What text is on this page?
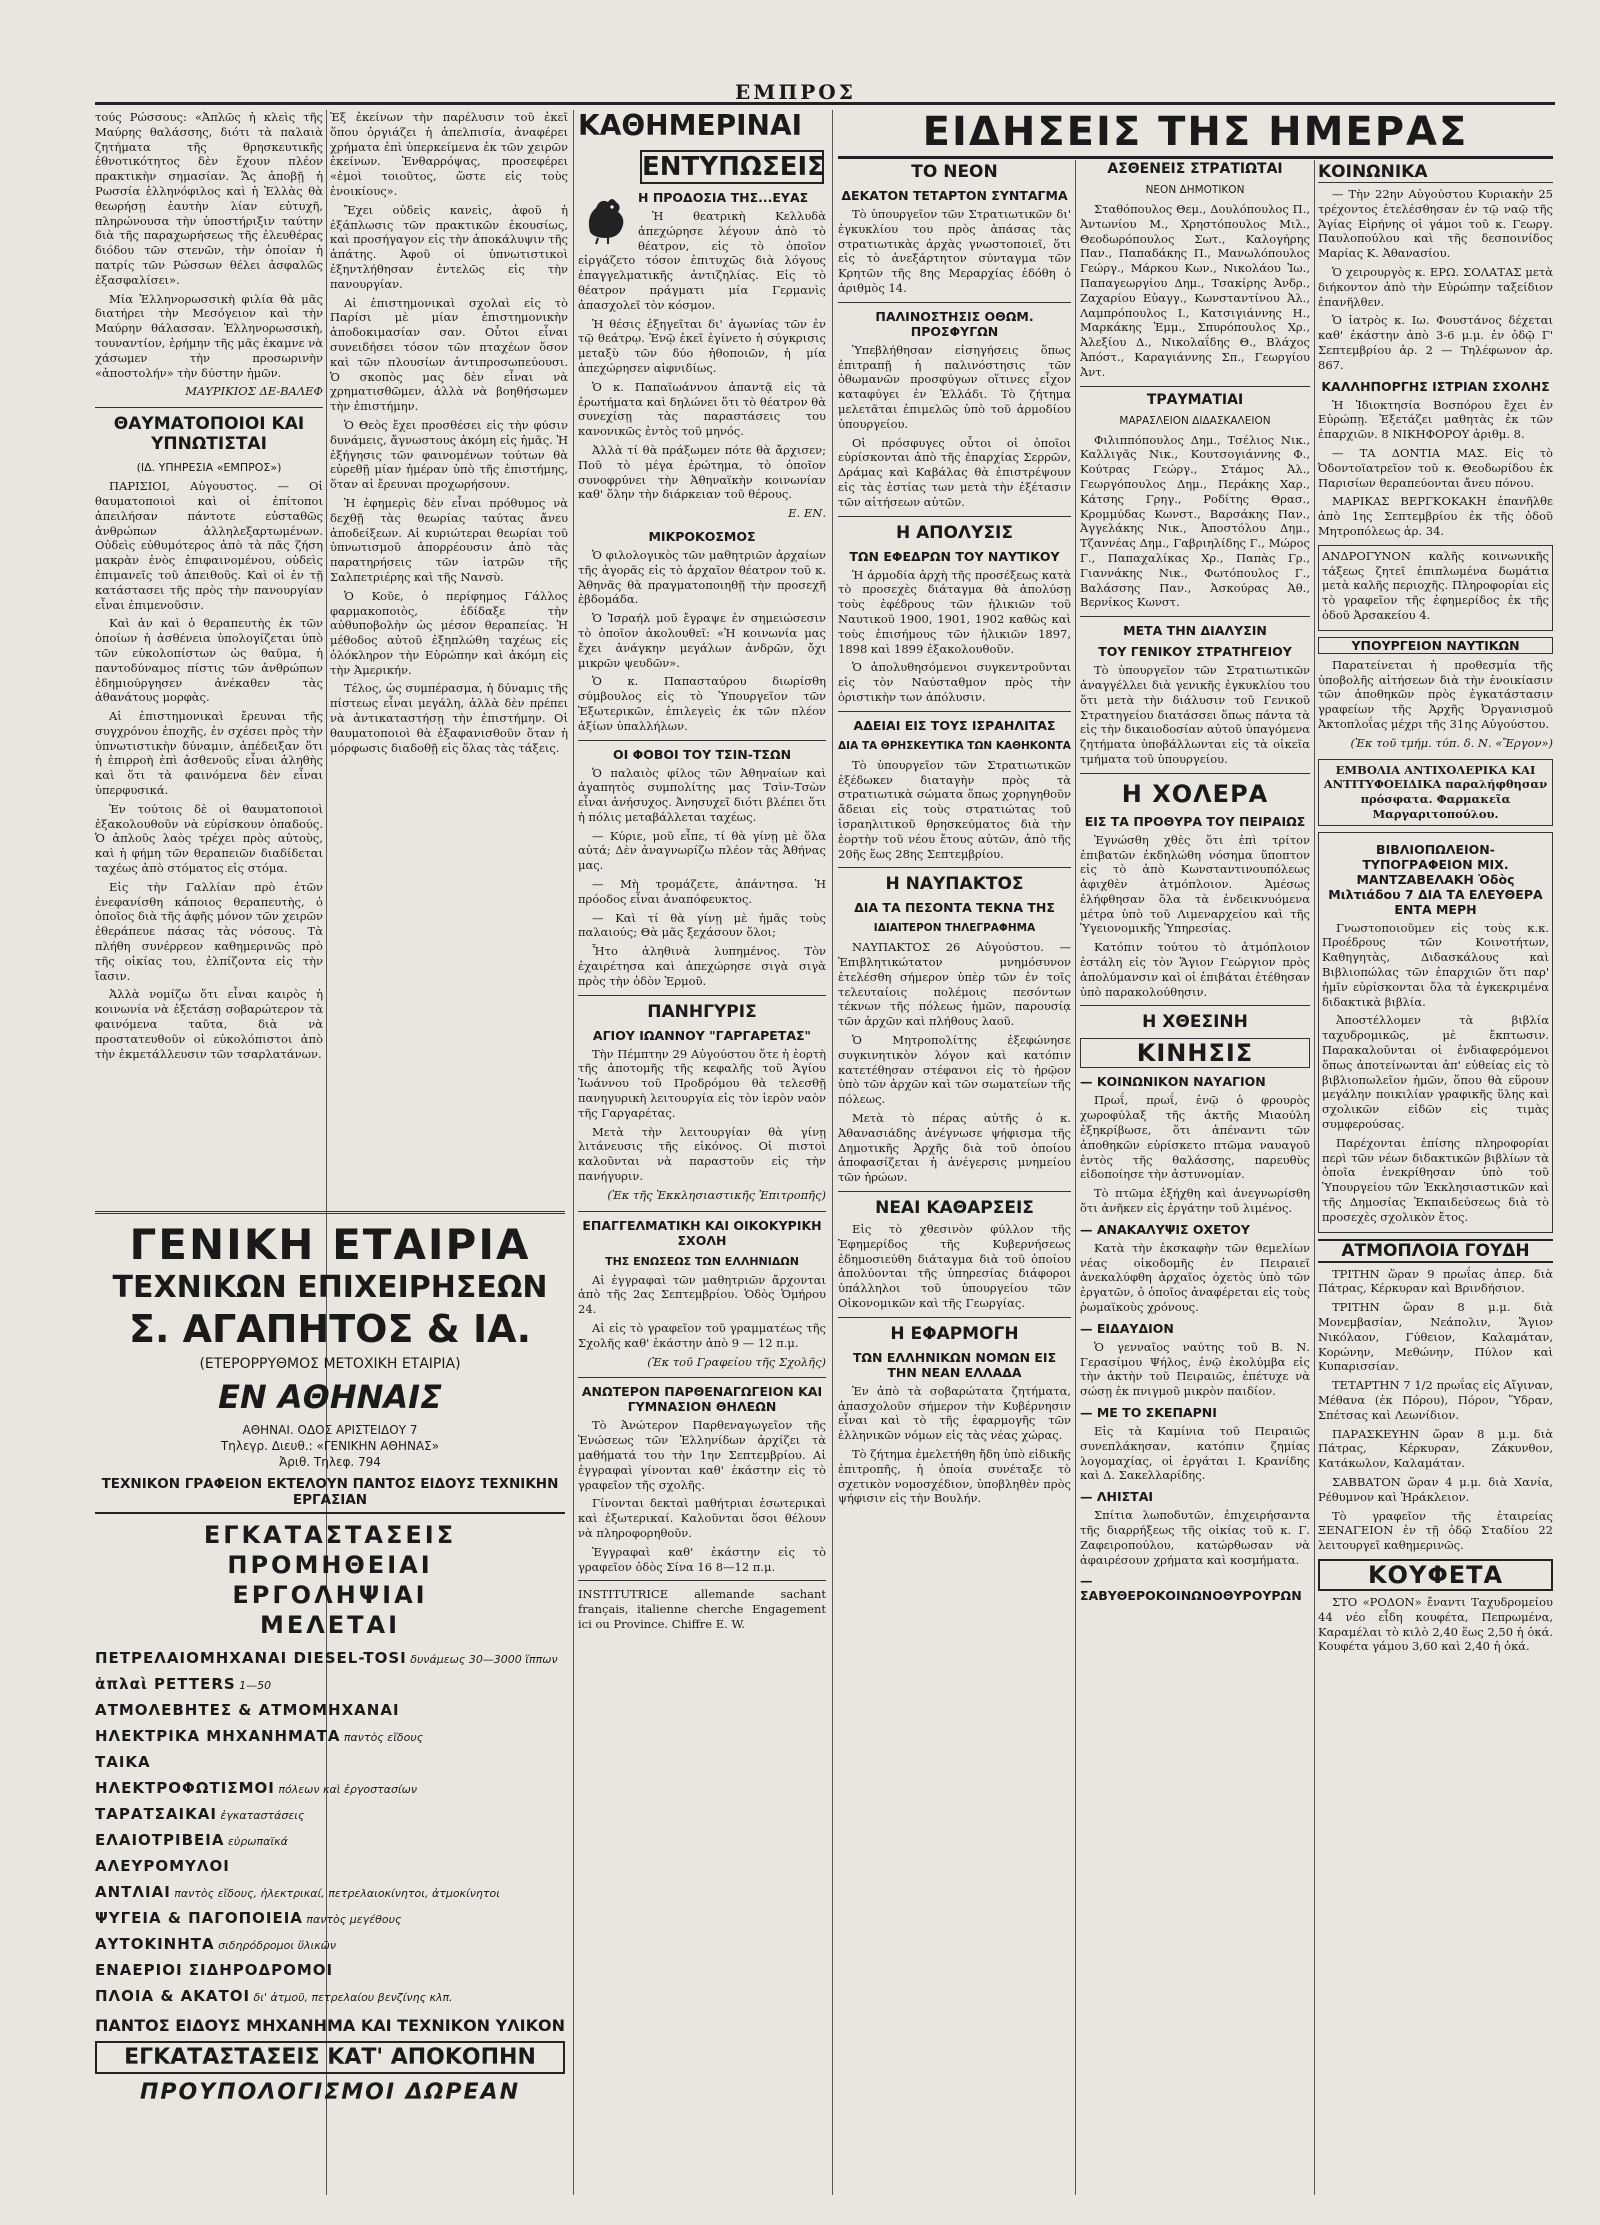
ΕΜΠΡΟΣ

τούς Ρώσσους: «Ἀπλῶς ἡ κλεὶς τῆς Μαύρης θαλάσσης, διότι τὰ παλαιὰ ζητήματα τῆς θρησκευτικῆς ἑθνοτικότητος δὲν ἔχουν πλέον πρακτικὴν σημασίαν. Ἄς ἀποβῇ ἡ Ρωσσία ἑλληνόφιλος καὶ ἡ Ἑλλὰς θὰ θεωρήσῃ ἑαυτὴν λίαν εὐτυχῆ, πληρώνουσα τὴν ὑποστήριξιν ταύτην διὰ τῆς παραχωρήσεως τῆς ἐλευθέρας διόδου τῶν στενῶν, τὴν ὁποίαν ἡ πατρίς τῶν Ρώσσων θέλει ἀσφαλῶς ἐξασφαλίσει».

Μία Ἑλληνορωσσικὴ φιλία θὰ μᾶς διατήρει τὴν Μεσόγειον καὶ τὴν Μαύρην θάλασσαν. Ἑλληνορωσσικὴ, τουναντίον, ἐρήμην τῆς μᾶς ἐκαμνε νὰ χάσωμεν τὴν προσωρινὴν «ἀποστολήν» τὴν δύστην ἡμῶν.

ΜΑΥΡΙΚΙΟΣ ΔΕ-ΒΑΛΕΦ
ΘΑΥΜΑΤΟΠΟΙΟΙ ΚΑΙ ΥΠΝΩΤΙΣΤΑΙ
(ΙΔ. ΥΠΗΡΕΣΙΑ «ΕΜΠΡΟΣ»)

ΠΑΡΙΣΙΟΙ, Αὐγουστος. — Οἱ θαυματοποιοὶ καὶ οἱ ἐπίτοποι ἀπειλήσαν πάντοτε εὐσταθῶς ἀνθρώπων ἀλληλεξαρτωμένων. Οὐδεὶς εὐθυμότερος ἀπὸ τὰ πᾶς ζήση μακρὰν ἐνὸς ἐπιφαινομένου, οὐδεὶς ἐπιμανεῖς τοῦ ἀπειθοῦς. Καὶ οἱ ἐν τῇ κατάστασει τῆς πρὸς τὴν πανουργίαν εἶναι ἐπιμενοῦσιν.

Καὶ ἀν καὶ ὁ θεραπευτὴς ἐκ τῶν ὁποίων ἡ ἀσθένεια ὑπολογίζεται ὑπὸ τῶν εὐκολοπίστων ὡς θαῦμα, ἡ παντοδύναμος πίστις τῶν ἀνθρώπων ἐδημιούργησεν ἀνέκαθεν τὰς ἀθανάτους μορφὰς.

Αἱ ἐπιστημονικαὶ ἔρευναι τῆς συγχρόνου ἐποχῆς, ἐν σχέσει πρὸς τὴν ὑπνωτιστικὴν δύναμιν, ἀπέδειξαν ὅτι ἡ ἐπιρροὴ ἐπὶ ἀσθενοῦς εἶναι ἀληθὴς καὶ ὅτι τὰ φαινόμενα δὲν εἶναι ὑπερφυσικά.

Ἐν τούτοις δὲ οἱ θαυματοποιοὶ ἐξακολουθοῦν νὰ εὑρίσκουν ὀπαδούς. Ὁ ἀπλοῦς λαὸς τρέχει πρὸς αὐτοὺς, καὶ ἡ φήμη τῶν θεραπειῶν διαδίδεται ταχέως ἀπὸ στόματος εἰς στόμα.

Εἰς τὴν Γαλλίαν πρὸ ἐτῶν ἐνεφανίσθη κάποιος θεραπευτὴς, ὁ ὁποῖος διὰ τῆς ἁφῆς μόνον τῶν χειρῶν ἐθεράπευε πάσας τὰς νόσους. Τὰ πλήθη συνέρρεον καθημερινῶς πρὸ τῆς οἰκίας του, ἐλπίζοντα εἰς τὴν ἴασιν.

Ἀλλὰ νομίζω ὅτι εἶναι καιρὸς ἡ κοινωνία νὰ ἐξετάσῃ σοβαρώτερον τὰ φαινόμενα ταῦτα, διὰ νὰ προστατευθοῦν οἱ εὐκολόπιστοι ἀπὸ τὴν ἐκμετάλλευσιν τῶν τσαρλατάνων.

Ἐξ ἐκείνων τὴν παρέλυσιν τοῦ ἐκεῖ ὅπου ὀργιάζει ἡ ἀπελπισία, ἀναφέρει χρήματα ἐπὶ ὑπερκείμενα ἐκ τῶν χειρῶν ἐκείνων. Ἐνθαρρόψας, προσεφέρει «ἐμοὶ τοιοῦτος, ὥστε εἰς τοὺς ἐνοικίους».

Ἔχει οὐδεὶς κανεὶς, ἀφοῦ ἡ ἐξάπλωσις τῶν πρακτικῶν ἐκουσίως, καὶ προσήγαγον εἰς τὴν ἀποκάλυψιν τῆς ἀπάτης. Ἀφοῦ οἱ ὑπνωτιστικοὶ ἐξηντλήθησαν ἐντελῶς εἰς τὴν πανουργίαν.

Αἱ ἐπιστημονικαὶ σχολαὶ εἰς τὸ Παρίσι μὲ μίαν ἐπιστημονικὴν ἀποδοκιμασίαν σαν. Οὗτοι εἶναι συνειδήσει τόσον τῶν πταχέων ὅσον καὶ τῶν πλουσίων ἀντιπροσωπεύουσι. Ὁ σκοπὸς μας δὲν εἶναι νὰ χρηματισθῶμεν, ἀλλὰ νὰ βοηθήσωμεν τὴν ἐπιστήμην.

Ὁ Θεὸς ἔχει προσθέσει εἰς τὴν φύσιν δυνάμεις, ἄγνωστους ἀκόμη εἰς ἡμᾶς. Ἡ ἐξήγησις τῶν φαινομένων τούτων θὰ εὑρεθῇ μίαν ἡμέραν ὑπὸ τῆς ἐπιστήμης, ὅταν αἱ ἔρευναι προχωρήσουν.

Ἡ ἐφημερὶς δὲν εἶναι πρόθυμος νὰ δεχθῇ τὰς θεωρίας ταύτας ἄνευ ἀποδείξεων. Αἱ κυριώτεραι θεωρίαι τοῦ ὑπνωτισμοῦ ἀπορρέουσιν ἀπὸ τὰς παρατηρήσεις τῶν ἰατρῶν τῆς Σαλπετριέρης καὶ τῆς Νανσὺ.

Ὁ Κοῦε, ὁ περίφημος Γάλλος φαρμακοποιὸς, ἐδίδαξε τὴν αὐθυποβολὴν ὡς μέσον θεραπείας. Ἡ μέθοδος αὐτοῦ ἐξηπλώθη ταχέως εἰς ὁλόκληρον τὴν Εὐρώπην καὶ ἀκόμη εἰς τὴν Ἀμερικήν.

Τέλος, ὡς συμπέρασμα, ἡ δύναμις τῆς πίστεως εἶναι μεγάλη, ἀλλὰ δὲν πρέπει νὰ ἀντικαταστήσῃ τὴν ἐπιστήμην. Οἱ θαυματοποιοὶ θὰ ἐξαφανισθοῦν ὅταν ἡ μόρφωσις διαδοθῇ εἰς ὅλας τὰς τάξεις.

ΓΕΝΙΚΗ ΕΤΑΙΡΙΑ
ΤΕΧΝΙΚΩΝ ΕΠΙΧΕΙΡΗΣΕΩΝ
Σ. ΑΓΑΠΗΤΟΣ & ΙΑ.
(ΕΤΕΡΟΡΡΥΘΜΟΣ ΜΕΤΟΧΙΚΗ ΕΤΑΙΡΙΑ)
ΕΝ ΑΘΗΝΑΙΣ
ΑΘΗΝΑΙ. ΟΔΟΣ ΑΡΙΣΤΕΙΔΟΥ 7
Τηλεγρ. Διευθ.: «ΓΕΝΙΚΗΝ ΑΘΗΝΑΣ»
Ἀριθ. Τηλεφ. 794
ΤΕΧΝΙΚΟΝ ΓΡΑΦΕΙΟΝ ΕΚΤΕΛΟΥΝ ΠΑΝΤΟΣ ΕΙΔΟΥΣ ΤΕΧΝΙΚΗΝ ΕΡΓΑΣΙΑΝ
ΕΓΚΑΤΑΣΤΑΣΕΙΣ
ΠΡΟΜΗΘΕΙΑΙ
ΕΡΓΟΛΗΨΙΑΙ
ΜΕΛΕΤΑΙ
ΠΕΤΡΕΛΑΙΟΜΗΧΑΝΑΙ DIESEL-TOSI δυνάμεως 30—3000 ἵππων
ἁπλαὶ PETTERS 1—50
ΑΤΜΟΛΕΒΗΤΕΣ & ΑΤΜΟΜΗΧΑΝΑΙ
ΗΛΕΚΤΡΙΚΑ ΜΗΧΑΝΗΜΑΤΑ παντὸς εἴδους
ΤΑΙΚΑ
ΗΛΕΚΤΡΟΦΩΤΙΣΜΟΙ πόλεων καὶ ἐργοστασίων
ΤΑΡΑΤΣΑΙΚΑΙ ἐγκαταστάσεις
ΕΛΑΙΟΤΡΙΒΕΙΑ εὐρωπαϊκά
ΑΛΕΥΡΟΜΥΛΟΙ
ΑΝΤΛΙΑΙ παντὸς εἴδους, ἠλεκτρικαί, πετρελαιοκίνητοι, ἀτμοκίνητοι
ΨΥΓΕΙΑ & ΠΑΓΟΠΟΙΕΙΑ παντὸς μεγέθους
ΑΥΤΟΚΙΝΗΤΑ σιδηρόδρομοι ὕλικῶν
ΕΝΑΕΡΙΟΙ ΣΙΔΗΡΟΔΡΟΜΟΙ
ΠΛΟΙΑ & ΑΚΑΤΟΙ δι' ἀτμοῦ, πετρελαίου βενζίνης κλπ.
ΠΑΝΤΟΣ ΕΙΔΟΥΣ ΜΗΧΑΝΗΜΑ ΚΑΙ ΤΕΧΝΙΚΟΝ ΥΛΙΚΟΝ
ΕΓΚΑΤΑΣΤΑΣΕΙΣ ΚΑΤ' ΑΠΟΚΟΠΗΝ
ΠΡΟΥΠΟΛΟΓΙΣΜΟΙ ΔΩΡΕΑΝ
ΚΑΘΗΜΕΡΙΝΑΙ
ΕΝΤΥΠΩΣΕΙΣ
Η ΠΡΟΔΟΣΙΑ ΤΗΣ...ΕΥΑΣ

Ἡ θεατρικὴ Κελλυδὰ ἀπεχώρησε λέγουν ἀπὸ τὸ θέατρον, εἰς τὸ ὁποῖον εἰργάζετο τόσον ἐπιτυχῶς διὰ λόγους ἐπαγγελματικῆς ἀντιζηλίας. Εἰς τὸ θέατρον πράγματι μία Γερμανὶς ἀπασχολεῖ τὸν κόσμον.

Ἡ θέσις ἐξηγεῖται δι' ἀγωνίας τῶν ἐν τῷ θεάτρῳ. Ἐνῷ ἐκεῖ ἐγίνετο ἡ σύγκρισις μεταξὺ τῶν δύο ἠθοποιῶν, ἡ μία ἀπεχώρησεν αἰφνιδίως.

Ὁ κ. Παπαϊωάννου ἀπαντᾷ εἰς τὰ ἐρωτήματα καὶ δηλώνει ὅτι τὸ θέατρον θὰ συνεχίσῃ τὰς παραστάσεις του κανονικῶς ἐντὸς τοῦ μηνός.

Ἀλλὰ τί θὰ πράξωμεν πότε θὰ ἄρχισεν; Ποῦ τὸ μέγα ἐρώτημα, τὸ ὁποῖον συνοφρύνει τὴν Ἀθηναϊκὴν κοινωνίαν καθ' ὅλην τὴν διάρκειαν τοῦ θέρους.

Ε. ΕΝ.
ΜΙΚΡΟΚΟΣΜΟΣ

Ὁ φιλολογικὸς τῶν μαθητριῶν ἀρχαίων τῆς ἀγορᾶς εἰς τὸ ἀρχαῖον θέατρον τοῦ κ. Ἀθηνᾶς θὰ πραγματοποιηθῇ τὴν προσεχῆ ἑβδομάδα.

Ὁ Ἰσραήλ μοῦ ἔγραψε ἐν σημειώσεσιν τὸ ὁποῖον ἀκολουθεῖ: «Ἡ κοινωνία μας ἔχει ἀνάγκην μεγάλων ἀνδρῶν, ὄχι μικρῶν ψευδῶν».

Ὁ κ. Παπασταύρου διωρίσθη σύμβουλος εἰς τὸ Ὑπουργεῖον τῶν Ἐξωτερικῶν, ἐπιλεγεὶς ἐκ τῶν πλέον ἀξίων ὑπαλλήλων.

ΟΙ ΦΟΒΟΙ ΤΟΥ ΤΣΙΝ-ΤΣΩΝ

Ὁ παλαιὸς φίλος τῶν Ἀθηναίων καὶ ἀγαπητὸς συμπολίτης μας Τσὶν-Τσὼν εἶναι ἀνήσυχος. Ἀνησυχεῖ διότι βλέπει ὅτι ἡ πόλις μεταβάλλεται ταχέως.

— Κύριε, μοῦ εἶπε, τί θὰ γίνῃ μὲ ὅλα αὐτά; Δὲν ἀναγνωρίζω πλέον τὰς Ἀθήνας μας.

— Μὴ τρομάζετε, ἀπάντησα. Ἡ πρόοδος εἶναι ἀναπόφευκτος.

— Καὶ τί θὰ γίνῃ μὲ ἡμᾶς τοὺς παλαιούς; Θὰ μᾶς ξεχάσουν ὅλοι;

Ἦτο ἀληθινὰ λυπημένος. Τὸν ἐχαιρέτησα καὶ ἀπεχώρησε σιγὰ σιγὰ πρὸς τὴν ὁδὸν Ἑρμοῦ.

ΠΑΝΗΓΥΡΙΣ
ΑΓΙΟΥ ΙΩΑΝΝΟΥ "ΓΑΡΓΑΡΕΤΑΣ"

Τὴν Πέμπτην 29 Αὐγούστου ὅτε ἡ ἑορτὴ τῆς ἀποτομῆς τῆς κεφαλῆς τοῦ Ἁγίου Ἰωάννου τοῦ Προδρόμου θὰ τελεσθῇ πανηγυρικὴ λειτουργία εἰς τὸν ἱερὸν ναὸν τῆς Γαργαρέτας.

Μετὰ τὴν λειτουργίαν θὰ γίνῃ λιτάνευσις τῆς εἰκόνος. Οἱ πιστοὶ καλοῦνται νὰ παραστοῦν εἰς τὴν πανήγυριν.

(Ἐκ τῆς Ἐκκλησιαστικῆς Ἐπιτροπῆς)
ΕΠΑΓΓΕΛΜΑΤΙΚΗ ΚΑΙ ΟΙΚΟΚΥΡΙΚΗ ΣΧΟΛΗ
ΤΗΣ ΕΝΩΣΕΩΣ ΤΩΝ ΕΛΛΗΝΙΔΩΝ

Αἱ ἐγγραφαὶ τῶν μαθητριῶν ἄρχονται ἀπὸ τῆς 2ας Σεπτεμβρίου. Ὁδὸς Ὁμήρου 24.

Αἱ εἰς τὸ γραφεῖον τοῦ γραμματέως τῆς Σχολῆς καθ' ἑκάστην ἀπὸ 9 — 12 π.μ.

(Ἐκ τοῦ Γραφείου τῆς Σχολῆς)
ΑΝΩΤΕΡΟΝ ΠΑΡΘΕΝΑΓΩΓΕΙΟΝ ΚΑΙ ΓΥΜΝΑΣΙΟΝ ΘΗΛΕΩΝ

Τὸ Ἀνώτερον Παρθεναγωγεῖον τῆς Ἑνώσεως τῶν Ἑλληνίδων ἀρχίζει τὰ μαθήματά του τὴν 1ην Σεπτεμβρίου. Αἱ ἐγγραφαὶ γίνονται καθ' ἑκάστην εἰς τὸ γραφεῖον τῆς σχολῆς.

Γίνονται δεκταὶ μαθήτριαι ἐσωτερικαὶ καὶ ἐξωτερικαί. Καλοῦνται ὅσοι θέλουν νὰ πληροφορηθοῦν.

Ἐγγραφαὶ καθ' ἑκάστην εἰς τὸ γραφεῖον ὁδὸς Σίνα 16 8—12 π.μ.

INSTITUTRICE allemande sachant français, italienne cherche Engagement ici ou Province. Chiffre E. W.

ΕΙΔΗΣΕΙΣ ΤΗΣ ΗΜΕΡΑΣ
ΤΟ ΝΕΟΝ
ΔΕΚΑΤΟΝ ΤΕΤΑΡΤΟΝ ΣΥΝΤΑΓΜΑ

Τὸ ὑπουργεῖον τῶν Στρατιωτικῶν δι' ἐγκυκλίου του πρὸς ἁπάσας τὰς στρατιωτικὰς ἀρχὰς γνωστοποιεῖ, ὅτι εἰς τὸ ἀνεξάρτητον σύνταγμα τῶν Κρητῶν τῆς 8ης Μεραρχίας ἐδόθη ὁ ἀριθμὸς 14.

ΠΑΛΙΝΟΣΤΗΣΙΣ ΟΘΩΜ. ΠΡΟΣΦΥΓΩΝ

Ὑπεβλήθησαν εἰσηγήσεις ὅπως ἐπιτραπῇ ἡ παλινόστησις τῶν ὀθωμανῶν προσφύγων οἵτινες εἶχον καταφύγει ἐν Ἑλλάδι. Τὸ ζήτημα μελετᾶται ἐπιμελῶς ὑπὸ τοῦ ἁρμοδίου ὑπουργείου.

Οἱ πρόσφυγες οὗτοι οἱ ὁποῖοι εὑρίσκονται ἀπὸ τῆς ἐπαρχίας Σερρῶν, Δράμας καὶ Καβάλας θὰ ἐπιστρέψουν εἰς τὰς ἑστίας των μετὰ τὴν ἐξέτασιν τῶν αἰτήσεων αὐτῶν.

Η ΑΠΟΛΥΣΙΣ
ΤΩΝ ΕΦΕΔΡΩΝ ΤΟΥ ΝΑΥΤΙΚΟΥ

Ἡ ἁρμοδία ἀρχὴ τῆς προσέξεως κατὰ τὸ προσεχὲς διάταγμα θὰ ἀπολύσῃ τοὺς ἐφέδρους τῶν ἡλικιῶν τοῦ Ναυτικοῦ 1900, 1901, 1902 καθὼς καὶ τοὺς ἐπισήμους τῶν ἡλικιῶν 1897, 1898 καὶ 1899 ἐξακολουθοῦν.

Ὁ ἀπολυθησόμενοι συγκεντροῦνται εἰς τὸν Ναύσταθμον πρὸς τὴν ὁριστικὴν των ἀπόλυσιν.

ΑΔΕΙΑΙ ΕΙΣ ΤΟΥΣ ΙΣΡΑΗΛΙΤΑΣ
ΔΙΑ ΤΑ ΘΡΗΣΚΕΥΤΙΚΑ ΤΩΝ ΚΑΘΗΚΟΝΤΑ

Τὸ ὑπουργεῖον τῶν Στρατιωτικῶν ἐξέδωκεν διαταγὴν πρὸς τὰ στρατιωτικὰ σώματα ὅπως χορηγηθοῦν ἄδειαι εἰς τοὺς στρατιώτας τοῦ ἰσραηλιτικοῦ θρησκεύματος διὰ τὴν ἑορτὴν τοῦ νέου ἔτους αὐτῶν, ἀπὸ τῆς 20ῆς ἕως 28ης Σεπτεμβρίου.

Η ΝΑΥΠΑΚΤΟΣ
ΔΙΑ ΤΑ ΠΕΣΟΝΤΑ ΤΕΚΝΑ ΤΗΣ
ΙΔΙΑΙΤΕΡΟΝ ΤΗΛΕΓΡΑΦΗΜΑ

ΝΑΥΠΑΚΤΟΣ 26 Αὐγούστου. — Ἐπιβλητικώτατον μνημόσυνον ἐτελέσθη σήμερον ὑπὲρ τῶν ἐν τοῖς τελευταίοις πολέμοις πεσόντων τέκνων τῆς πόλεως ἡμῶν, παρουσίᾳ τῶν ἀρχῶν καὶ πλήθους λαοῦ.

Ὁ Μητροπολίτης ἐξεφώνησε συγκινητικὸν λόγον καὶ κατόπιν κατετέθησαν στέφανοι εἰς τὸ ἡρῷον ὑπὸ τῶν ἀρχῶν καὶ τῶν σωματείων τῆς πόλεως.

Μετὰ τὸ πέρας αὐτῆς ὁ κ. Ἀθανασιάδης ἀνέγνωσε ψήφισμα τῆς Δημοτικῆς Ἀρχῆς διὰ τοῦ ὁποίου ἀποφασίζεται ἡ ἀνέγερσις μνημείου τῶν ἡρώων.

ΝΕΑΙ ΚΑΘΑΡΣΕΙΣ

Εἰς τὸ χθεσινὸν φύλλον τῆς Ἐφημερίδος τῆς Κυβερνήσεως ἐδημοσιεύθη διάταγμα διὰ τοῦ ὁποίου ἀπολύονται τῆς ὑπηρεσίας διάφοροι ὑπάλληλοι τοῦ ὑπουργείου τῶν Οἰκονομικῶν καὶ τῆς Γεωργίας.

Η ΕΦΑΡΜΟΓΗ
ΤΩΝ ΕΛΛΗΝΙΚΩΝ ΝΟΜΩΝ ΕΙΣ ΤΗΝ ΝΕΑΝ ΕΛΛΑΔΑ

Ἐν ἀπὸ τὰ σοβαρώτατα ζητήματα, ἀπασχολοῦν σήμερον τὴν Κυβέρνησιν εἶναι καὶ τὸ τῆς ἐφαρμογῆς τῶν ἑλληνικῶν νόμων εἰς τὰς νέας χώρας.

Τὸ ζήτημα ἐμελετήθη ἤδη ὑπὸ εἰδικῆς ἐπιτροπῆς, ἡ ὁποία συνέταξε τὸ σχετικὸν νομοσχέδιον, ὑποβληθὲν πρὸς ψήφισιν εἰς τὴν Βουλήν.

ΑΣΘΕΝΕΙΣ ΣΤΡΑΤΙΩΤΑΙ
ΝΕΟΝ ΔΗΜΟΤΙΚΟΝ

Σταθόπουλος Θεμ., Δουλόπουλος Π., Ἀντωνίου Μ., Χρηστόπουλος Μιλ., Θεοδωρόπουλος Σωτ., Καλογήρης Παν., Παπαδάκης Π., Μανωλόπουλος Γεώργ., Μάρκου Κων., Νικολάου Ἰω., Παπαγεωργίου Δημ., Τσακίρης Ἀνδρ., Ζαχαρίου Εὐαγγ., Κωνσταντίνου Ἀλ., Λαμπρόπουλος Ι., Κατσιγιάννης Η., Μαρκάκης Ἐμμ., Σπυρόπουλος Χρ., Ἀλεξίου Δ., Νικολαΐδης Θ., Βλάχος Ἀπόστ., Καραγιάννης Σπ., Γεωργίου Ἀντ.

ΤΡΑΥΜΑΤΙΑΙ
ΜΑΡΑΣΛΕΙΟΝ ΔΙΔΑΣΚΑΛΕΙΟΝ

Φιλιππόπουλος Δημ., Τσέλιος Νικ., Καλλιγᾶς Νικ., Κουτσογιάννης Φ., Κούτρας Γεώργ., Στάμος Ἀλ., Γεωργόπουλος Δημ., Περάκης Χαρ., Κάτσης Γρηγ., Ροδίτης Θρασ., Κρομμύδας Κωνστ., Βαρσάκης Παν., Ἀγγελάκης Νικ., Ἀποστόλου Δημ., Τζαννέας Δημ., Γαβριηλίδης Γ., Μώρος Γ., Παπαχαλίκας Χρ., Παπὰς Γρ., Γιαννάκης Νικ., Φωτόπουλος Γ., Βαλάσσης Παν., Ἀσκούρας Ἀθ., Βερνίκος Κωνστ.

ΜΕΤΑ ΤΗΝ ΔΙΑΛΥΣΙΝ
ΤΟΥ ΓΕΝΙΚΟΥ ΣΤΡΑΤΗΓΕΙΟΥ

Τὸ ὑπουργεῖον τῶν Στρατιωτικῶν ἀναγγέλλει διὰ γενικῆς ἐγκυκλίου του ὅτι μετὰ τὴν διάλυσιν τοῦ Γενικοῦ Στρατηγείου διατάσσει ὅπως πάντα τὰ εἰς τὴν δικαιοδοσίαν αὐτοῦ ὑπαγόμενα ζητήματα ὑποβάλλωνται εἰς τὰ οἰκεῖα τμήματα τοῦ ὑπουργείου.

Η ΧΟΛΕΡΑ
ΕΙΣ ΤΑ ΠΡΟΘΥΡΑ ΤΟΥ ΠΕΙΡΑΙΩΣ

Ἐγνώσθη χθὲς ὅτι ἐπὶ τρίτον ἐπιβατῶν ἐκδηλώθη νόσημα ὕποπτον εἰς τὸ ἀπὸ Κωνσταντινουπόλεως ἀφιχθὲν ἀτμόπλοιον. Ἀμέσως ἐλήφθησαν ὅλα τὰ ἐνδεικνυόμενα μέτρα ὑπὸ τοῦ Λιμεναρχείου καὶ τῆς Ὑγειονομικῆς Ὑπηρεσίας.

Κατόπιν τούτου τὸ ἀτμόπλοιον ἐστάλη εἰς τὸν Ἅγιον Γεώργιον πρὸς ἀπολύμανσιν καὶ οἱ ἐπιβάται ἐτέθησαν ὑπὸ παρακολούθησιν.

Η ΧΘΕΣΙΝΗ
ΚΙΝΗΣΙΣ
— ΚΟΙΝΩΝΙΚΟΝ ΝΑΥΑΓΙΟΝ

Πρωΐ, πρωΐ, ἐνῷ ὁ φρουρὸς χωροφύλαξ τῆς ἀκτῆς Μιαούλη ἐξηκρίβωσε, ὅτι ἀπέναντι τῶν ἀποθηκῶν εὑρίσκετο πτῶμα ναυαγοῦ ἐντὸς τῆς θαλάσσης, παρευθὺς εἰδοποίησε τὴν ἀστυνομίαν.

Τὸ πτῶμα ἐξήχθη καὶ ἀνεγνωρίσθη ὅτι ἀνῆκεν εἰς ἐργάτην τοῦ λιμένος.

— ΑΝΑΚΑΛΥΨΙΣ ΟΧΕΤΟΥ

Κατὰ τὴν ἐκσκαφὴν τῶν θεμελίων νέας οἰκοδομῆς ἐν Πειραιεῖ ἀνεκαλύφθη ἀρχαῖος ὀχετὸς ὑπὸ τῶν ἐργατῶν, ὁ ὁποῖος ἀναφέρεται εἰς τοὺς ῥωμαϊκοὺς χρόνους.

— ΕΙΔΑΥΔΙΟΝ

Ὁ γενναῖος ναύτης τοῦ Β. Ν. Γερασίμου Ψήλος, ἐνῷ ἐκολύμβα εἰς τὴν ἀκτὴν τοῦ Πειραιῶς, ἐπέτυχε νὰ σώσῃ ἐκ πνιγμοῦ μικρὸν παιδίον.

— ΜΕ ΤΟ ΣΚΕΠΑΡΝΙ

Εἰς τὰ Καμίνια τοῦ Πειραιῶς συνεπλάκησαν, κατόπιν ζημίας λογομαχίας, οἱ ἐργάται Ι. Κρανίδης καὶ Δ. Σακελλαρίδης.

— ΛΗΙΣΤΑΙ

Σπίτια λωποδυτῶν, ἐπιχειρήσαντα τῆς διαρρήξεως τῆς οἰκίας τοῦ κ. Γ. Ζαφειροπούλου, κατώρθωσαν νὰ ἀφαιρέσουν χρήματα καὶ κοσμήματα.

— ΣΑΒΥΘΕΡΟΚΟΙΝΩΝΟΘΥΡΟΥΡΩΝ
ΚΟΙΝΩΝΙΚΑ

— Τὴν 22ην Αὐγούστου Κυριακὴν 25 τρέχοντος ἐτελέσθησαν ἐν τῷ ναῷ τῆς Ἁγίας Εἰρήνης οἱ γάμοι τοῦ κ. Γεωργ. Παυλοπούλου καὶ τῆς δεσποινίδος Μαρίας Κ. Ἀθανασίου.

Ὁ χειρουργὸς κ. ΕΡΩ. ΣΟΛΑΤΑΣ μετὰ διήκοντον ἀπὸ τὴν Εὐρώπην ταξείδιον ἐπανῆλθεν.

Ὁ ἰατρὸς κ. Ιω. Φουστάνος δέχεται καθ' ἑκάστην ἀπὸ 3-6 μ.μ. ἐν ὁδῷ Γ' Σεπτεμβρίου ἀρ. 2 — Τηλέφωνον ἀρ. 867.

ΚΑΛΛΗΠΟΡΓΗΣ ΙΣΤΡΙΑΝ ΣΧΟΛΗΣ

Ἡ Ἰδιοκτησία Βοσπόρου ἔχει ἐν Εὐρώπῃ. Ἐξετάζει μαθητὰς ἐκ τῶν ἐπαρχιῶν. 8 ΝΙΚΗΦΟΡΟΥ ἀριθμ. 8.

— ΤΑ ΔΟΝΤΙΑ ΜΑΣ. Εἰς τὸ Ὀδοντοϊατρεῖον τοῦ κ. Θεοδωρίδου ἐκ Παρισίων θεραπεύονται ἄνευ πόνου.

ΜΑΡΙΚΑΣ ΒΕΡΓΚΟΚΑΚΗ ἐπανῆλθε ἀπὸ 1ης Σεπτεμβρίου ἐκ τῆς ὁδοῦ Μητροπόλεως ἀρ. 34.

ΑΝΔΡΟΓΥΝΟΝ καλῆς κοινωνικῆς τάξεως ζητεῖ ἐπιπλωμένα δωμάτια μετὰ καλῆς περιοχῆς. Πληροφορίαι εἰς τὸ γραφεῖον τῆς ἐφημερίδος ἐκ τῆς ὁδοῦ Ἀρσακείου 4.

ΥΠΟΥΡΓΕΙΟΝ ΝΑΥΤΙΚΩΝ

Παρατείνεται ἡ προθεσμία τῆς ὑποβολῆς αἰτήσεων διὰ τὴν ἐνοικίασιν τῶν ἀποθηκῶν πρὸς ἐγκατάστασιν γραφείων τῆς Ἀρχῆς Ὀργανισμοῦ Ἀκτοπλοΐας μέχρι τῆς 31ης Αὐγούστου.

(Ἐκ τοῦ τμήμ. τύπ. δ. Ν. «Ἔργον»)
ΕΜΒΟΛΙΑ ΑΝΤΙΧΟΛΕΡΙΚΑ ΚΑΙ ΑΝΤΙΤΥΦΟΕΙΔΙΚΑ παραλήφθησαν πρόσφατα. Φαρμακεῖα Μαργαριτοπούλου.
ΒΙΒΛΙΟΠΩΛΕΙΟΝ-ΤΥΠΟΓΡΑΦΕΙΟΝ ΜΙΧ. ΜΑΝΤΖΑΒΕΛΑΚΗ Ὁδὸς Μιλτιάδου 7 ΔΙΑ ΤΑ ΕΛΕΥΘΕΡΑ ΕΝΤΑ ΜΕΡΗ

Γνωστοποιοῦμεν εἰς τοὺς κ.κ. Προέδρους τῶν Κοινοτήτων, Καθηγητὰς, Διδασκάλους καὶ Βιβλιοπώλας τῶν ἐπαρχιῶν ὅτι παρ' ἡμῖν εὑρίσκονται ὅλα τὰ ἐγκεκριμένα διδακτικὰ βιβλία.

Ἀποστέλλομεν τὰ βιβλία ταχυδρομικῶς, μὲ ἔκπτωσιν. Παρακαλοῦνται οἱ ἐνδιαφερόμενοι ὅπως ἀποτείνωνται ἀπ' εὐθείας εἰς τὸ βιβλιοπωλεῖον ἡμῶν, ὅπου θὰ εὕρουν μεγάλην ποικιλίαν γραφικῆς ὕλης καὶ σχολικῶν εἰδῶν εἰς τιμὰς συμφερούσας.

Παρέχονται ἐπίσης πληροφορίαι περὶ τῶν νέων διδακτικῶν βιβλίων τὰ ὁποῖα ἐνεκρίθησαν ὑπὸ τοῦ Ὑπουργείου τῶν Ἐκκλησιαστικῶν καὶ τῆς Δημοσίας Ἐκπαιδεύσεως διὰ τὸ προσεχὲς σχολικὸν ἔτος.

ΑΤΜΟΠΛΟΙΑ ΓΟΥΔΗ

ΤΡΙΤΗΝ ὥραν 9 πρωΐας ἀπερ. διὰ Πάτρας, Κέρκυραν καὶ Βρινδήσιον.

ΤΡΙΤΗΝ ὥραν 8 μ.μ. διὰ Μονεμβασίαν, Νεάπολιν, Ἅγιον Νικόλαον, Γύθειον, Καλαμάταν, Κορώνην, Μεθώνην, Πύλον καὶ Κυπαρισσίαν.

ΤΕΤΑΡΤΗΝ 7 1/2 πρωΐας εἰς Αἴγιναν, Μέθανα (ἐκ Πόρου), Πόρον, Ὕδραν, Σπέτσας καὶ Λεωνίδιον.

ΠΑΡΑΣΚΕΥΗΝ ὥραν 8 μ.μ. διὰ Πάτρας, Κέρκυραν, Ζάκυνθον, Κατάκωλον, Καλαμάταν.

ΣΑΒΒΑΤΟΝ ὥραν 4 μ.μ. διὰ Χανία, Ρέθυμνον καὶ Ἡράκλειον.

Τὸ γραφεῖον τῆς ἑταιρείας ΞΕΝΑΓΕΙΟΝ ἐν τῇ ὁδῷ Σταδίου 22 λειτουργεῖ καθημερινῶς.

ΚΟΥΦΕΤΑ

ΣΤΟ «ΡΟΔΟΝ» ἔναντι Ταχυδρομείου 44 νέο εἶδη κουφέτα, Πεπρωμένα, Καραμέλαι τὸ κιλὸ 2,40 ἕως 2,50 ἡ ὀκά. Κουφέτα γάμου 3,60 καὶ 2,40 ἡ ὀκά.
